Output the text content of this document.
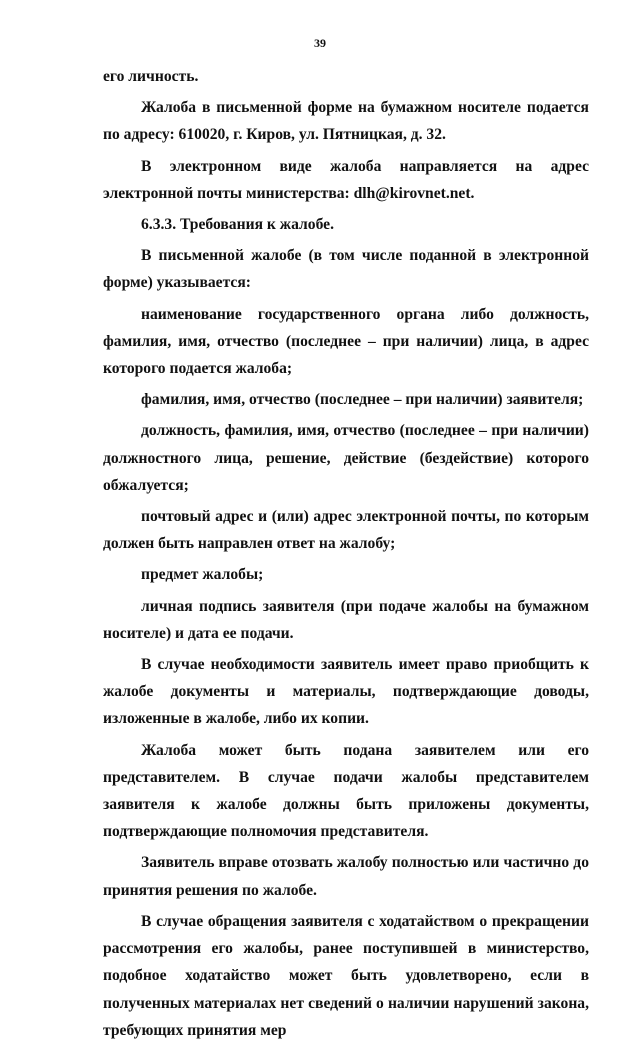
39

его личность.

Жалоба в письменной форме на бумажном носителе подается по адресу: 610020, г. Киров, ул. Пятницкая, д. 32.

В электронном виде жалоба направляется на адрес электронной почты министерства: dlh@kirovnet.net.

6.3.3. Требования к жалобе.

В письменной жалобе (в том числе поданной в электронной форме) указывается:

наименование государственного органа либо должность, фамилия, имя, отчество (последнее – при наличии) лица, в адрес которого подается жалоба;

фамилия, имя, отчество (последнее – при наличии) заявителя;

должность, фамилия, имя, отчество (последнее – при наличии) должностного лица, решение, действие (бездействие) которого обжалуется;

почтовый адрес и (или) адрес электронной почты, по которым должен быть направлен ответ на жалобу;

предмет жалобы;

личная подпись заявителя (при подаче жалобы на бумажном носителе) и дата ее подачи.

В случае необходимости заявитель имеет право приобщить к жалобе документы и материалы, подтверждающие доводы, изложенные в жалобе, либо их копии.

Жалоба может быть подана заявителем или его представителем. В случае подачи жалобы представителем заявителя к жалобе должны быть приложены документы, подтверждающие полномочия представителя.

Заявитель вправе отозвать жалобу полностью или частично до принятия решения по жалобе.

В случае обращения заявителя с ходатайством о прекращении рассмотрения его жалобы, ранее поступившей в министерство, подобное ходатайство может быть удовлетворено, если в полученных материалах нет сведений о наличии нарушений закона, требующих принятия мер
